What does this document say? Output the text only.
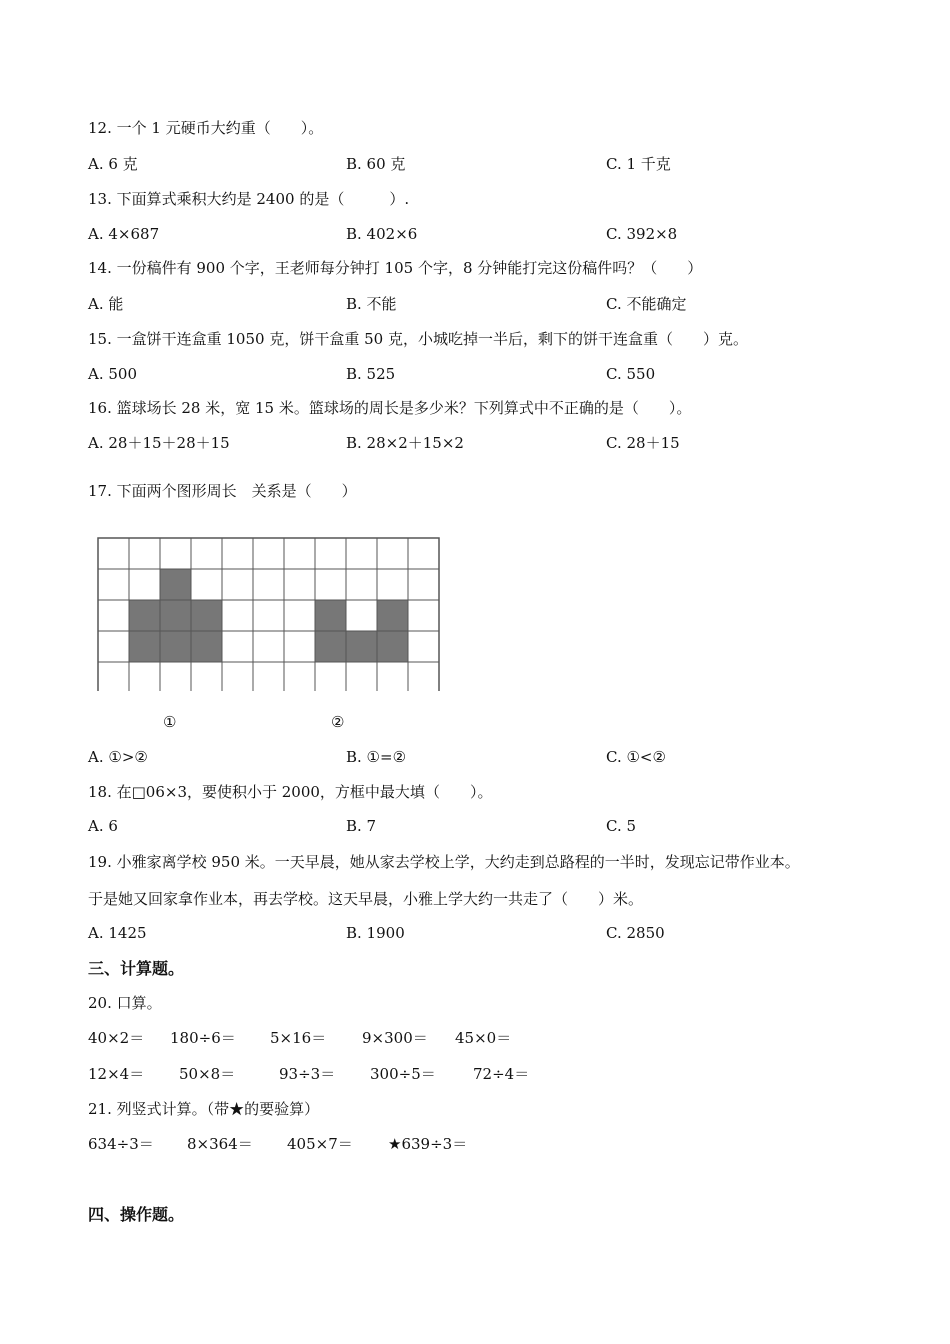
12. 一个 1 元硬币大约重（　　）。
A. 6 克	B. 60 克	C. 1 千克
13. 下面算式乘积大约是 2400 的是（　　　）.
A. 4×687	B. 402×6	C. 392×8
14. 一份稿件有 900 个字，王老师每分钟打 105 个字，8 分钟能打完这份稿件吗？（　　）
A. 能	B. 不能	C. 不能确定
15. 一盒饼干连盒重 1050 克，饼干盒重 50 克，小城吃掉一半后，剩下的饼干连盒重（　　）克。
A. 500	B. 525	C. 550
16. 篮球场长 28 米，宽 15 米。篮球场的周长是多少米？下列算式中不正确的是（　　）。
A. 28＋15＋28＋15	B. 28×2＋15×2	C. 28＋15
17. 下面两个图形周长　关系是（　　）
①	②
A. ①>②	B. ①=②	C. ①<②
18. 在□06×3，要使积小于 2000，方框中最大填（　　）。
A. 6	B. 7	C. 5
19. 小雅家离学校 950 米。一天早晨，她从家去学校上学，大约走到总路程的一半时，发现忘记带作业本。
于是她又回家拿作业本，再去学校。这天早晨，小雅上学大约一共走了（　　）米。
A. 1425	B. 1900	C. 2850
三、计算题。
20. 口算。
40×2＝ 180÷6＝ 5×16＝ 9×300＝ 45×0＝
12×4＝ 50×8＝	93÷3＝ 300÷5＝ 72÷4＝
21. 列竖式计算。（带★的要验算）
634÷3＝ 8×364＝ 405×7＝ ★639÷3＝
四、操作题。
